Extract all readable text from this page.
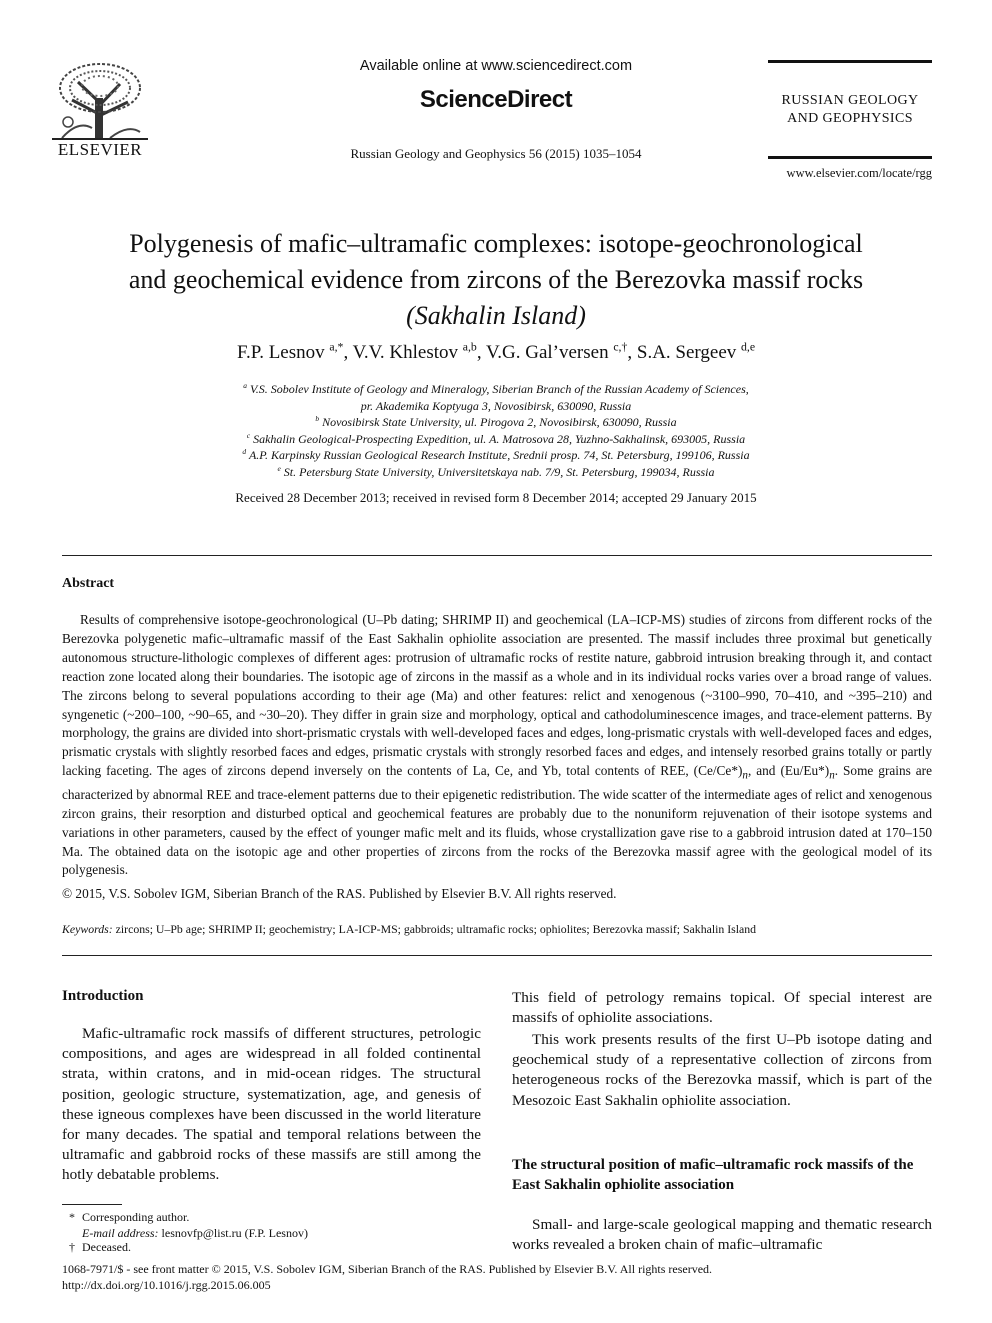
ELSEVIER
Available online at www.sciencedirect.com
ScienceDirect
Russian Geology and Geophysics 56 (2015) 1035–1054
RUSSIAN GEOLOGY
AND GEOPHYSICS
www.elsevier.com/locate/rgg
Polygenesis of mafic–ultramafic complexes: isotope-geochronological
and geochemical evidence from zircons of the Berezovka massif rocks
(Sakhalin Island)
F.P. Lesnov $^{a,*}$, V.V. Khlestov $^{a,b}$, V.G. Gal’versen $^{c,\dagger}$, S.A. Sergeev $^{d,e}$
$^a$ V.S. Sobolev Institute of Geology and Mineralogy, Siberian Branch of the Russian Academy of Sciences,
pr. Akademika Koptyuga 3, Novosibirsk, 630090, Russia
$^b$ Novosibirsk State University, ul. Pirogova 2, Novosibirsk, 630090, Russia
$^c$ Sakhalin Geological-Prospecting Expedition, ul. A. Matrosova 28, Yuzhno-Sakhalinsk, 693005, Russia
$^d$ A.P. Karpinsky Russian Geological Research Institute, Srednii prosp. 74, St. Petersburg, 199106, Russia
$^e$ St. Petersburg State University, Universitetskaya nab. 7/9, St. Petersburg, 199034, Russia
Received 28 December 2013; received in revised form 8 December 2014; accepted 29 January 2015
Abstract
Results of comprehensive isotope-geochronological (U–Pb dating; SHRIMP II) and geochemical (LA–ICP-MS) studies of zircons from different rocks of the Berezovka polygenetic mafic–ultramafic massif of the East Sakhalin ophiolite association are presented. The massif includes three proximal but genetically autonomous structure-lithologic complexes of different ages: protrusion of ultramafic rocks of restite nature, gabbroid intrusion breaking through it, and contact reaction zone located along their boundaries. The isotopic age of zircons in the massif as a whole and in its individual rocks varies over a broad range of values. The zircons belong to several populations according to their age (Ma) and other features: relict and xenogenous (~3100–990, 70–410, and ~395–210) and syngenetic (~200–100, ~90–65, and ~30–20). They differ in grain size and morphology, optical and cathodoluminescence images, and trace-element patterns. By morphology, the grains are divided into short-prismatic crystals with well-developed faces and edges, long-prismatic crystals with well-developed faces and edges, prismatic crystals with slightly resorbed faces and edges, prismatic crystals with strongly resorbed faces and edges, and intensely resorbed grains totally or partly lacking faceting. The ages of zircons depend inversely on the contents of La, Ce, and Yb, total contents of REE, $(Ce/Ce*)_n$, and $(Eu/Eu*)_n$. Some grains are characterized by abnormal REE and trace-element patterns due to their epigenetic redistribution. The wide scatter of the intermediate ages of relict and xenogenous zircon grains, their resorption and disturbed optical and geochemical features are probably due to the nonuniform rejuvenation of their isotope systems and variations in other parameters, caused by the effect of younger mafic melt and its fluids, whose crystallization gave rise to a gabbroid intrusion dated at 170–150 Ma. The obtained data on the isotopic age and other properties of zircons from the rocks of the Berezovka massif agree with the geological model of its polygenesis.
© 2015, V.S. Sobolev IGM, Siberian Branch of the RAS. Published by Elsevier B.V. All rights reserved.
Keywords: zircons; U–Pb age; SHRIMP II; geochemistry; LA-ICP-MS; gabbroids; ultramafic rocks; ophiolites; Berezovka massif; Sakhalin Island
Introduction
Mafic-ultramafic rock massifs of different structures, petrologic compositions, and ages are widespread in all folded continental strata, within cratons, and in mid-ocean ridges. The structural position, geologic structure, systematization, age, and genesis of these igneous complexes have been discussed in the world literature for many decades. The spatial and temporal relations between the ultramafic and gabbroid rocks of these massifs are still among the hotly debatable problems.
This field of petrology remains topical. Of special interest are massifs of ophiolite associations.
This work presents results of the first U–Pb isotope dating and geochemical study of a representative collection of zircons from heterogeneous rocks of the Berezovka massif, which is part of the Mesozoic East Sakhalin ophiolite association.
The structural position of mafic–ultramafic rock massifs of the East Sakhalin ophiolite association
Small- and large-scale geological mapping and thematic research works revealed a broken chain of mafic–ultramafic
* Corresponding author.
E-mail address: lesnovfp@list.ru (F.P. Lesnov)
† Deceased.
1068-7971/$ - see front matter © 2015, V.S. Sobolev IGM, Siberian Branch of the RAS. Published by Elsevier B.V. All rights reserved.
http://dx.doi.org/10.1016/j.rgg.2015.06.005
